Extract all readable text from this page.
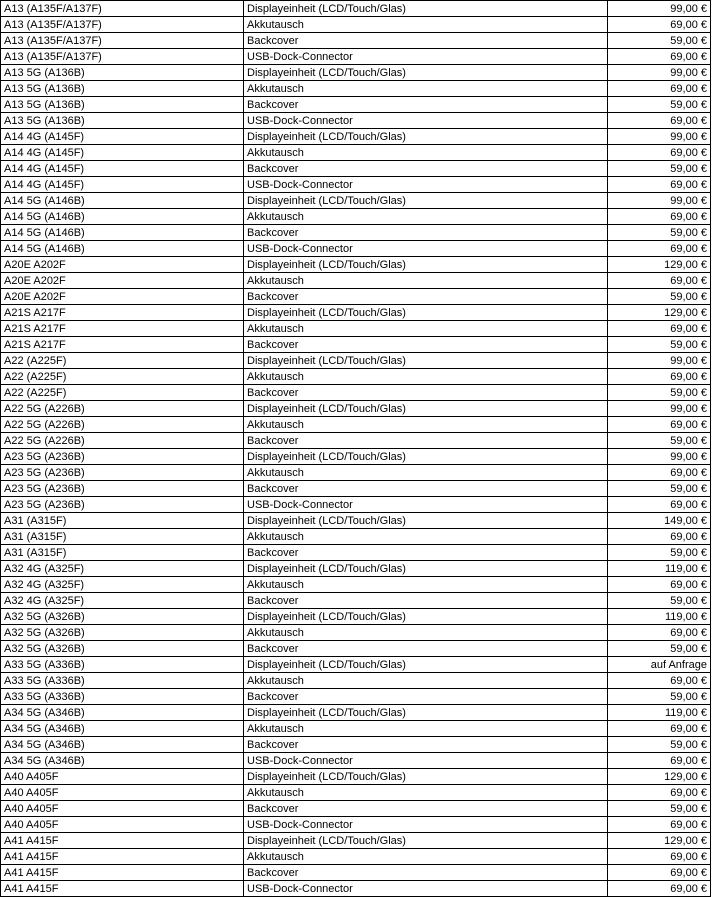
A13 (A135F/A137F)	Displayeinheit (LCD/Touch/Glas)	99,00 €
A13 (A135F/A137F)	Akkutausch	69,00 €
A13 (A135F/A137F)	Backcover	59,00 €
A13 (A135F/A137F)	USB-Dock-Connector	69,00 €
A13 5G (A136B)	Displayeinheit (LCD/Touch/Glas)	99,00 €
A13 5G (A136B)	Akkutausch	69,00 €
A13 5G (A136B)	Backcover	59,00 €
A13 5G (A136B)	USB-Dock-Connector	69,00 €
A14 4G (A145F)	Displayeinheit (LCD/Touch/Glas)	99,00 €
A14 4G (A145F)	Akkutausch	69,00 €
A14 4G (A145F)	Backcover	59,00 €
A14 4G (A145F)	USB-Dock-Connector	69,00 €
A14 5G (A146B)	Displayeinheit (LCD/Touch/Glas)	99,00 €
A14 5G (A146B)	Akkutausch	69,00 €
A14 5G (A146B)	Backcover	59,00 €
A14 5G (A146B)	USB-Dock-Connector	69,00 €
A20E A202F	Displayeinheit (LCD/Touch/Glas)	129,00 €
A20E A202F	Akkutausch	69,00 €
A20E A202F	Backcover	59,00 €
A21S A217F	Displayeinheit (LCD/Touch/Glas)	129,00 €
A21S A217F	Akkutausch	69,00 €
A21S A217F	Backcover	59,00 €
A22 (A225F)	Displayeinheit (LCD/Touch/Glas)	99,00 €
A22 (A225F)	Akkutausch	69,00 €
A22 (A225F)	Backcover	59,00 €
A22 5G (A226B)	Displayeinheit (LCD/Touch/Glas)	99,00 €
A22 5G (A226B)	Akkutausch	69,00 €
A22 5G (A226B)	Backcover	59,00 €
A23 5G (A236B)	Displayeinheit (LCD/Touch/Glas)	99,00 €
A23 5G (A236B)	Akkutausch	69,00 €
A23 5G (A236B)	Backcover	59,00 €
A23 5G (A236B)	USB-Dock-Connector	69,00 €
A31 (A315F)	Displayeinheit (LCD/Touch/Glas)	149,00 €
A31 (A315F)	Akkutausch	69,00 €
A31 (A315F)	Backcover	59,00 €
A32 4G (A325F)	Displayeinheit (LCD/Touch/Glas)	119,00 €
A32 4G (A325F)	Akkutausch	69,00 €
A32 4G (A325F)	Backcover	59,00 €
A32 5G (A326B)	Displayeinheit (LCD/Touch/Glas)	119,00 €
A32 5G (A326B)	Akkutausch	69,00 €
A32 5G (A326B)	Backcover	59,00 €
A33 5G (A336B)	Displayeinheit (LCD/Touch/Glas)	auf Anfrage
A33 5G (A336B)	Akkutausch	69,00 €
A33 5G (A336B)	Backcover	59,00 €
A34 5G (A346B)	Displayeinheit (LCD/Touch/Glas)	119,00 €
A34 5G (A346B)	Akkutausch	69,00 €
A34 5G (A346B)	Backcover	59,00 €
A34 5G (A346B)	USB-Dock-Connector	69,00 €
A40 A405F	Displayeinheit (LCD/Touch/Glas)	129,00 €
A40 A405F	Akkutausch	69,00 €
A40 A405F	Backcover	59,00 €
A40 A405F	USB-Dock-Connector	69,00 €
A41 A415F	Displayeinheit (LCD/Touch/Glas)	129,00 €
A41 A415F	Akkutausch	69,00 €
A41 A415F	Backcover	69,00 €
A41 A415F	USB-Dock-Connector	69,00 €
